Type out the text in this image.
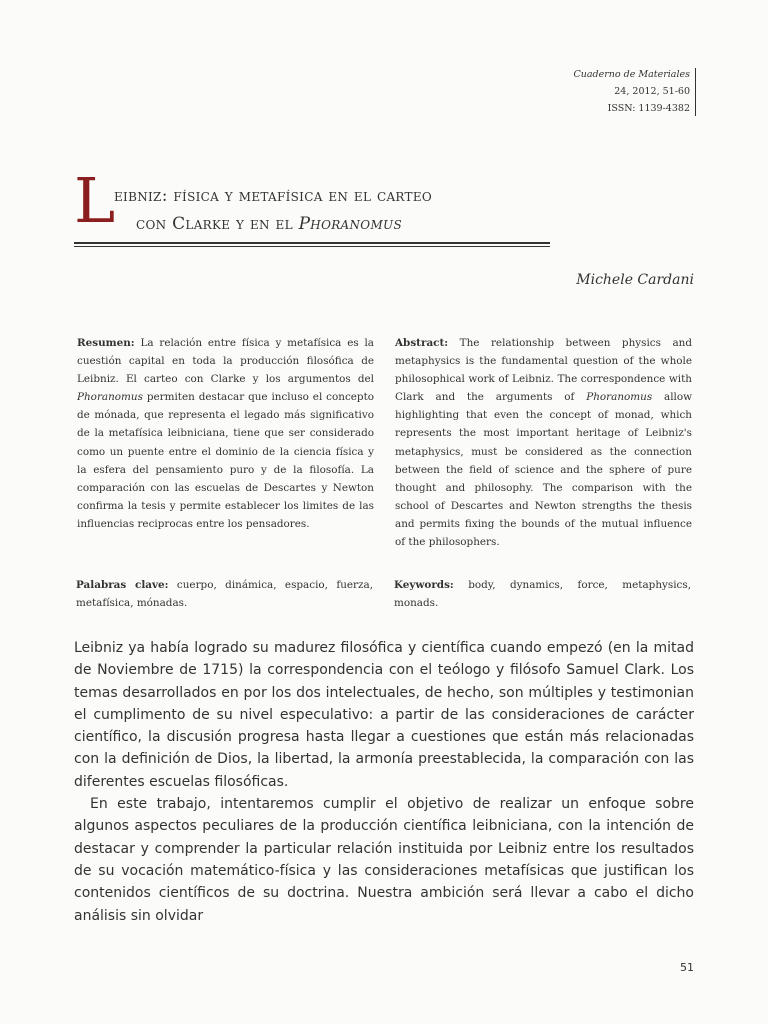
Cuaderno de Materiales
24, 2012, 51-60
ISSN: 1139-4382
L
eibniz: física y metafísica en el carteo
con Clarke y en el Phoranomus
Michele Cardani
Resumen: La relación entre física y metafísica es la cuestión capital en toda la producción filosófica de Leibniz. El carteo con Clarke y los argumentos del Phoranomus permiten destacar que incluso el concepto de mónada, que representa el legado más significativo de la metafísica leibniciana, tiene que ser considerado como un puente entre el dominio de la ciencia física y la esfera del pensamiento puro y de la filosofía. La comparación con las escuelas de Descartes y Newton confirma la tesis y permite establecer los limites de las influencias reciprocas entre los pensadores.
Abstract: The relationship between physics and metaphysics is the fundamental question of the whole philosophical work of Leibniz. The correspondence with Clark and the arguments of Phoranomus allow highlighting that even the concept of monad, which represents the most important heritage of Leibniz's metaphysics, must be considered as the connection between the field of science and the sphere of pure thought and philosophy. The comparison with the school of Descartes and Newton strengths the thesis and permits fixing the bounds of the mutual influence of the philosophers.
Palabras clave: cuerpo, dinámica, espacio, fuerza, metafísica, mónadas.
Keywords: body, dynamics, force, metaphysics, monads.

Leibniz ya había logrado su madurez filosófica y científica cuando empezó (en la mitad de Noviembre de 1715) la correspondencia con el teólogo y filósofo Samuel Clark. Los temas desarrollados en por los dos intelectuales, de hecho, son múltiples y testimonian el cumplimento de su nivel especulativo: a partir de las consideraciones de carácter científico, la discusión progresa hasta llegar a cuestiones que están más relacionadas con la definición de Dios, la libertad, la armonía preestablecida, la comparación con las diferentes escuelas filosóficas.

En este trabajo, intentaremos cumplir el objetivo de realizar un enfoque sobre algunos aspectos peculiares de la producción científica leibniciana, con la intención de destacar y comprender la particular relación instituida por Leibniz entre los resultados de su vocación matemático-física y las consideraciones metafísicas que justifican los contenidos científicos de su doctrina. Nuestra ambición será llevar a cabo el dicho análisis sin olvidar

51
